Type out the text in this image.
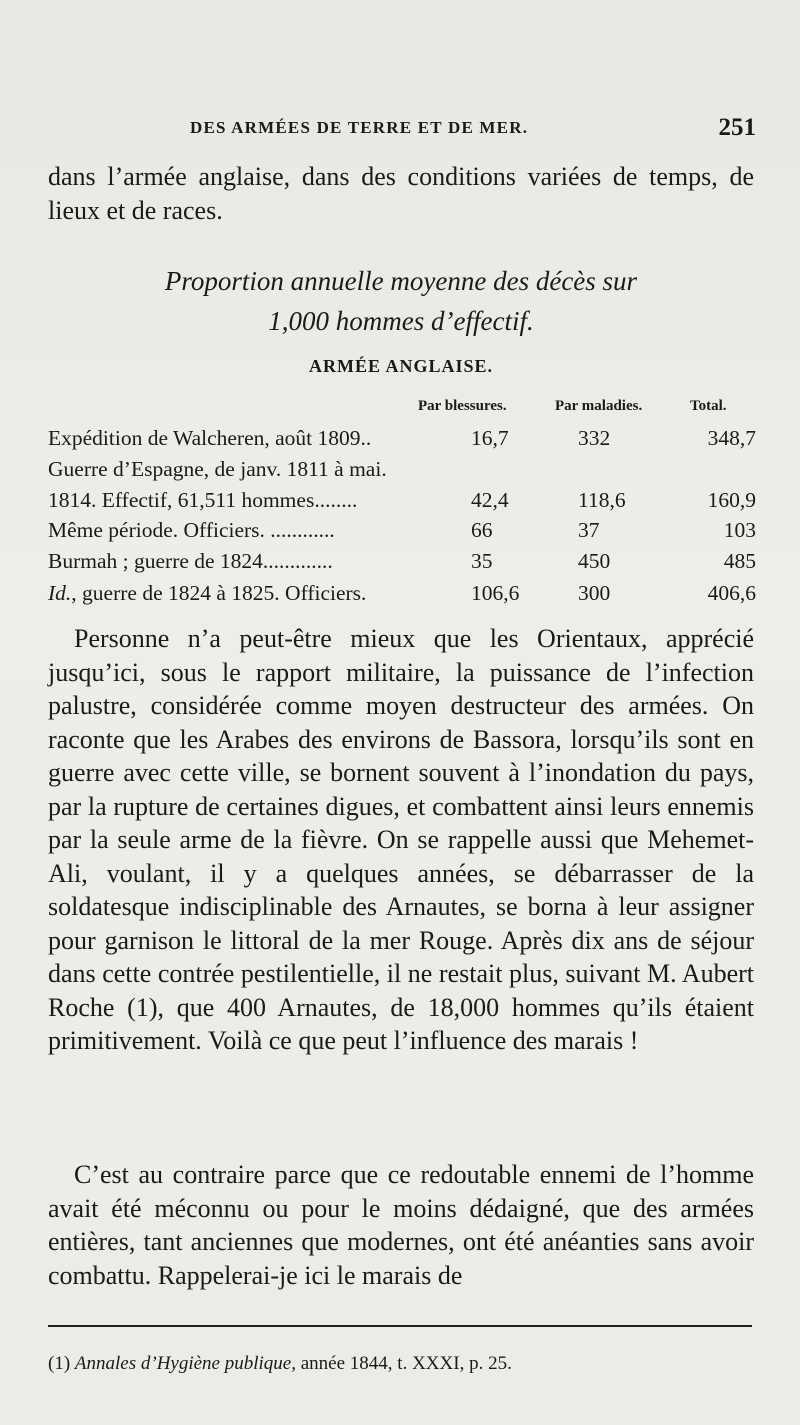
DES ARMÉES DE TERRE ET DE MER.	251

dans l’armée anglaise, dans des conditions variées de temps, de lieux et de races.

Proportion annuelle moyenne des décès sur
1,000 hommes d’effectif.
ARMÉE ANGLAISE.
Par blessures.	Par maladies.	Total.
Expédition de Walcheren, août 1809..	16,7	332	348,7
Guerre d’Espagne, de janv. 1811 à mai.
1814. Effectif, 61,511 hommes........	42,4	118,6	160,9
Même période. Officiers. ............	66	37	103
Burmah ; guerre de 1824.............	35	450	485
Id., guerre de 1824 à 1825. Officiers.	106,6	300	406,6

Personne n’a peut-être mieux que les Orientaux, apprécié jusqu’ici, sous le rapport militaire, la puissance de l’infection palustre, considérée comme moyen destructeur des armées. On raconte que les Arabes des environs de Bassora, lorsqu’ils sont en guerre avec cette ville, se bornent souvent à l’inondation du pays, par la rupture de certaines digues, et combattent ainsi leurs ennemis par la seule arme de la fièvre. On se rappelle aussi que Mehemet-Ali, voulant, il y a quelques années, se débarrasser de la soldatesque indisciplinable des Arnautes, se borna à leur assigner pour garnison le littoral de la mer Rouge. Après dix ans de séjour dans cette contrée pestilentielle, il ne restait plus, suivant M. Aubert Roche (1), que 400 Arnautes, de 18,000 hommes qu’ils étaient primitivement. Voilà ce que peut l’influence des marais !

C’est au contraire parce que ce redoutable ennemi de l’homme avait été méconnu ou pour le moins dédaigné, que des armées entières, tant anciennes que modernes, ont été anéanties sans avoir combattu. Rappelerai-je ici le marais de

(1) Annales d’Hygiène publique, année 1844, t. XXXI, p. 25.
